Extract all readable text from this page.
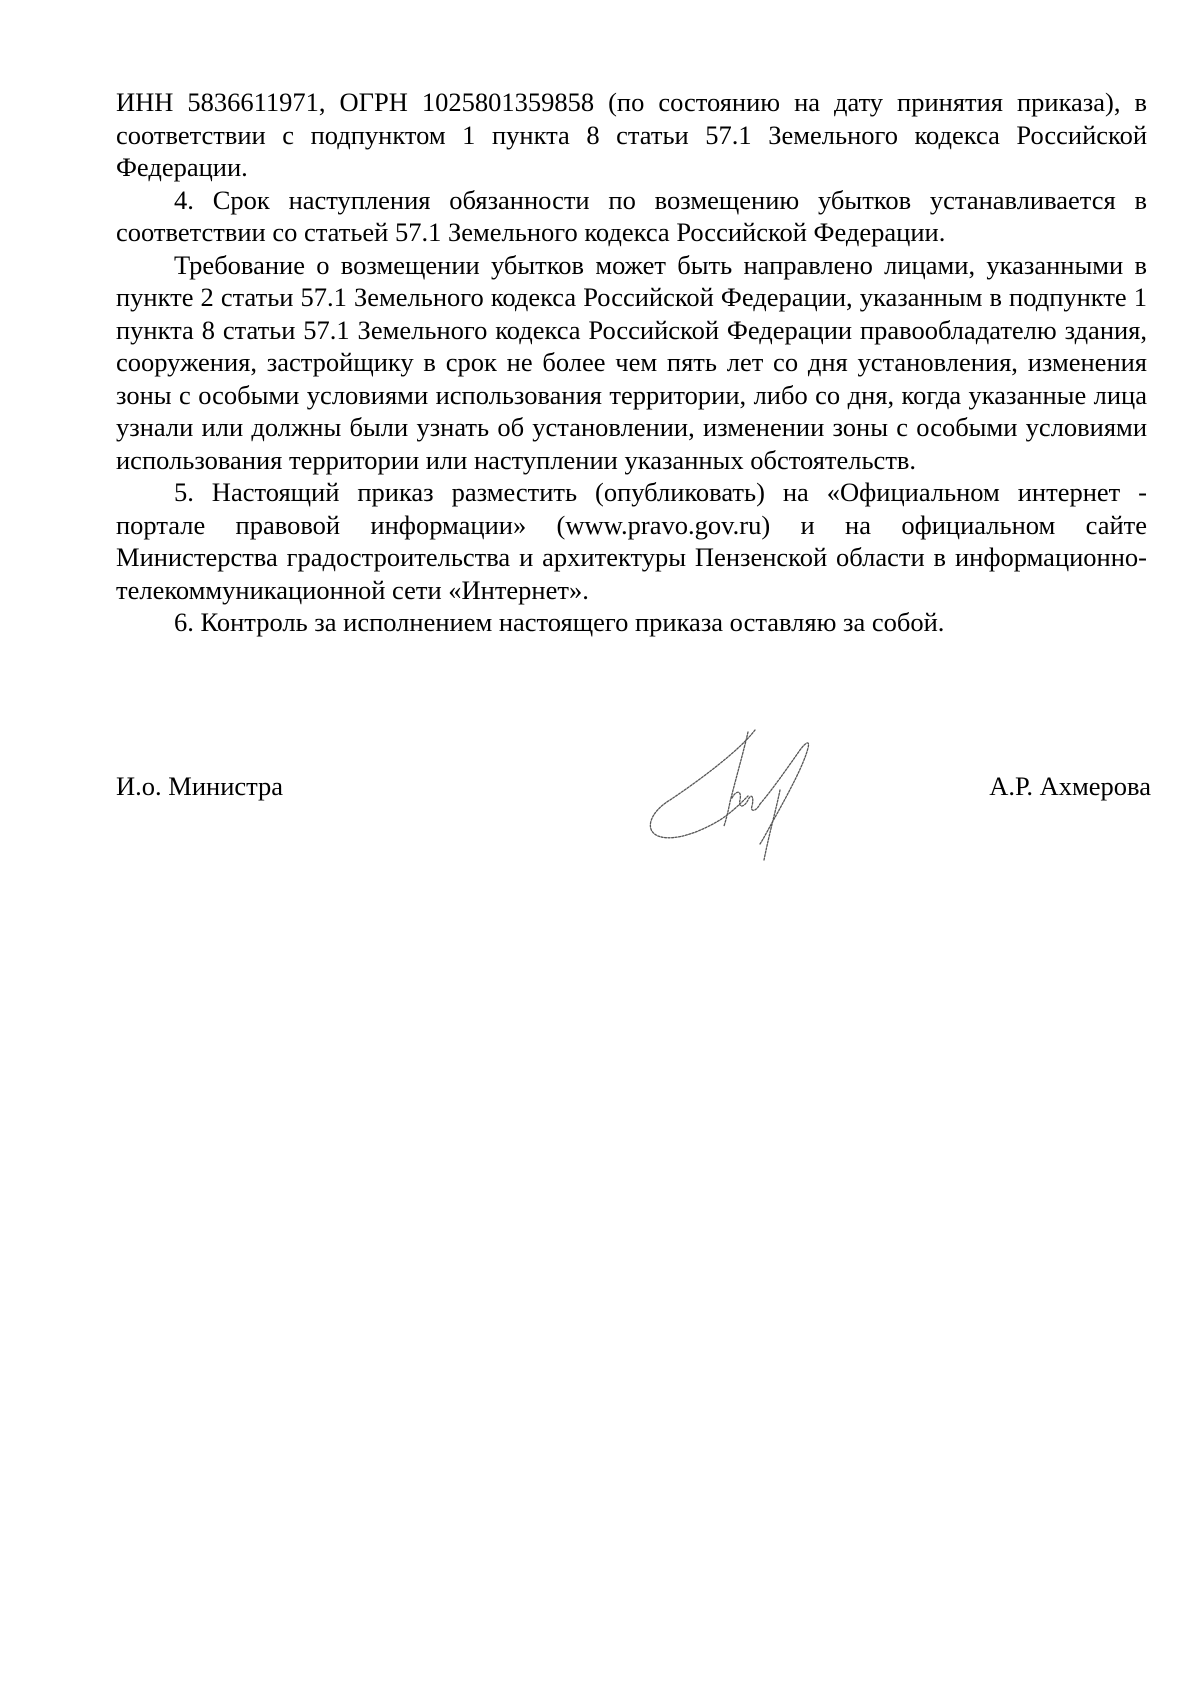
ИНН 5836611971, ОГРН 1025801359858 (по состоянию на дату принятия приказа), в соответствии с подпунктом 1 пункта 8 статьи 57.1 Земельного кодекса Российской Федерации.

4. Срок наступления обязанности по возмещению убытков устанавливается в соответствии со статьей 57.1 Земельного кодекса Российской Федерации.

Требование о возмещении убытков может быть направлено лицами, указанными в пункте 2 статьи 57.1 Земельного кодекса Российской Федерации, указанным в подпункте 1 пункта 8 статьи 57.1 Земельного кодекса Российской Федерации правообладателю здания, сооружения, застройщику в срок не более чем пять лет со дня установления, изменения зоны с особыми условиями использования территории, либо со дня, когда указанные лица узнали или должны были узнать об установлении, изменении зоны с особыми условиями использования территории или наступлении указанных обстоятельств.

5. Настоящий приказ разместить (опубликовать) на «Официальном интернет - портале правовой информации» (www.pravo.gov.ru) и на официальном сайте Министерства градостроительства и архитектуры Пензенской области в информационно-телекоммуникационной сети «Интернет».

6. Контроль за исполнением настоящего приказа оставляю за собой.

И.о. Министра	А.Р. Ахмерова
